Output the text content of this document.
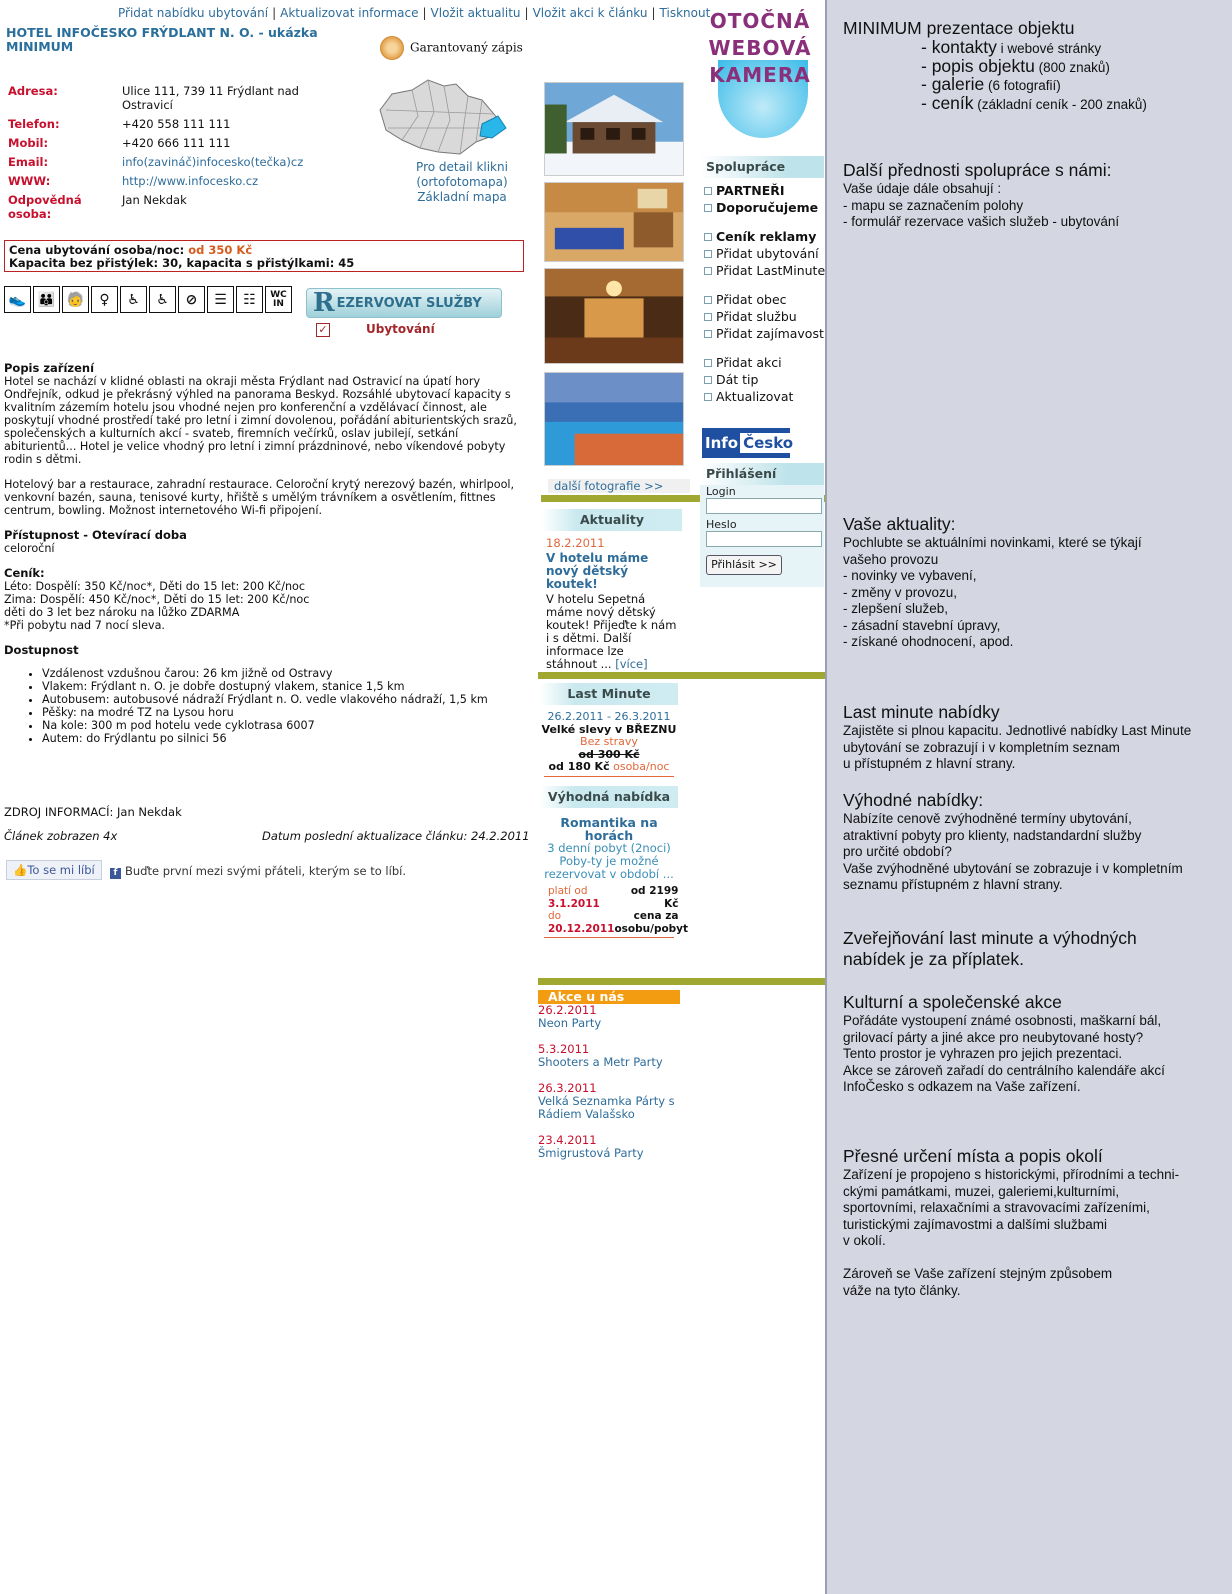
Přidat nabídku ubytování | Aktualizovat informace | Vložit aktualitu | Vložit akci k článku | Tisknout
HOTEL INFOČESKO FRÝDLANT N. O. - ukázka MINIMUM	Garantovaný zápis
Adresa:	Ulice 111, 739 11 Frýdlant nad Ostravicí
Telefon:	+420 558 111 111
Mobil:	+420 666 111 111
Email:	info(zavináč)infocesko(tečka)cz
WWW:	http://www.infocesko.cz
Odpovědná osoba:	Jan Nekdak
Pro detail klikni
(ortofotomapa)
Základní mapa
Cena ubytování osoba/noc: od 350 Kč
Kapacita bez přistýlek: 30, kapacita s přistýlkami: 45
👟 👪 🧓	♀	♿	♿	⊘	☰	☷	WC IN	R EZERVOVAT SLUŽBY
✓	Ubytování
Popis zařízení

Hotel se nachází v klidné oblasti na okraji města Frýdlant nad Ostravicí na úpatí hory Ondřejník, odkud je překrásný výhled na panorama Beskyd. Rozsáhlé ubytovací kapacity s kvalitním zázemím hotelu jsou vhodné nejen pro konferenční a vzdělávací činnost, ale poskytují vhodné prostředí také pro letní i zimní dovolenou, pořádání abiturientských srazů, společenských a kulturních akcí - svateb, firemních večírků, oslav jubilejí, setkání abiturientů... Hotel je velice vhodný pro letní i zimní prázdninové, nebo víkendové pobyty rodin s dětmi.

Hotelový bar a restaurace, zahradní restaurace. Celoroční krytý nerezový bazén, whirlpool, venkovní bazén, sauna, tenisové kurty, hřiště s umělým trávníkem a osvětlením, fittnes centrum, bowling. Možnost internetového Wi-fi připojení.

Přístupnost - Otevírací doba

celoroční

Ceník:

Léto: Dospělí: 350 Kč/noc*, Děti do 15 let: 200 Kč/noc
Zima: Dospělí: 450 Kč/noc*, Děti do 15 let: 200 Kč/noc
děti do 3 let bez nároku na lůžko ZDARMA
*Při pobytu nad 7 nocí sleva.

Dostupnost
• Vzdálenost vzdušnou čarou: 26 km jižně od Ostravy
• Vlakem: Frýdlant n. O. je dobře dostupný vlakem, stanice 1,5 km
• Autobusem: autobusové nádraží Frýdlant n. O. vedle vlakového nádraží, 1,5 km
• Pěšky: na modré TZ na Lysou horu
• Na kole: 300 m pod hotelu vede cyklotrasa 6007
• Autem: do Frýdlantu po silnici 56
ZDROJ INFORMACÍ: Jan Nekdak
Článek zobrazen 4x	Datum poslední aktualizace článku: 24.2.2011
👍To se mi líbí	f Buďte první mezi svými přáteli, kterým se to líbí.
další fotografie >>
Aktuality
18.2.2011
V hotelu máme nový dětský koutek!
V hotelu Sepetná máme nový dětský koutek! Přijeďte k nám i s dětmi. Další informace lze stáhnout ... [více]
Last Minute
26.2.2011 - 26.3.2011
Velké slevy v BŘEZNU
Bez stravy
od 300 Kč
od 180 Kč osoba/noc
Výhodná nabídka
Romantika na horách
3 denní pobyt (2noci) Poby-ty je možné rezervovat v období ...
platí od
3.1.2011 do
20.12.2011
od 2199 Kč
cena za osobu/pobyt
Akce u nás
26.2.2011
Neon Party
5.3.2011
Shooters a Metr Party
26.3.2011
Velká Seznamka Párty s Rádiem Valašsko
23.4.2011
Šmigrustová Party
OTOČNÁ
WEBOVÁ
KAMERA
Spolupráce
PARTNEŘI
Doporučujeme
Ceník reklamy
Přidat ubytování
Přidat LastMinute
Přidat obec
Přidat službu
Přidat zajímavost
Přidat akci
Dát tip
Aktualizovat
Info Česko
Přihlášení
Login
Heslo
Přihlásit >>
MINIMUM prezentace objektu
- kontakty i webové stránky
- popis objektu (800 znaků)
- galerie (6 fotografií)
- ceník (základní ceník - 200 znaků)
Další přednosti spolupráce s námi:
Vaše údaje dále obsahují :
- mapu se zaznačením polohy
- formulář rezervace vašich služeb - ubytování
Vaše aktuality:
Pochlubte se aktuálními novinkami, které se týkají
vašeho provozu
- novinky ve vybavení,
- změny v provozu,
- zlepšení služeb,
- zásadní stavební úpravy,
- získané ohodnocení, apod.
Last minute nabídky
Zajistěte si plnou kapacitu. Jednotlivé nabídky Last Minute
ubytování se zobrazují i v kompletním seznam
u přístupném z hlavní strany.
Výhodné nabídky:
Nabízíte cenově zvýhodněné termíny ubytování,
atraktivní pobyty pro klienty, nadstandardní služby
pro určité období?
Vaše zvýhodněné ubytování se zobrazuje i v kompletním
seznamu přístupném z hlavní strany.
Zveřejňování last minute a výhodných
nabídek je za příplatek.
Kulturní a společenské akce
Pořádáte vystoupení známé osobnosti, maškarní bál,
grilovací párty a jiné akce pro neubytované hosty?
Tento prostor je vyhrazen pro jejich prezentaci.
Akce se zároveň zařadí do centrálního kalendáře akcí
InfoČesko s odkazem na Vaše zařízení.
Přesné určení místa a popis okolí
Zařízení je propojeno s historickými, přírodními a techni-
ckými památkami, muzei, galeriemi,kulturními,
sportovními, relaxačními a stravovacími zařízeními,
turistickými zajímavostmi a dalšími službami
v okolí.

Zároveň se Vaše zařízení stejným způsobem
váže na tyto články.
